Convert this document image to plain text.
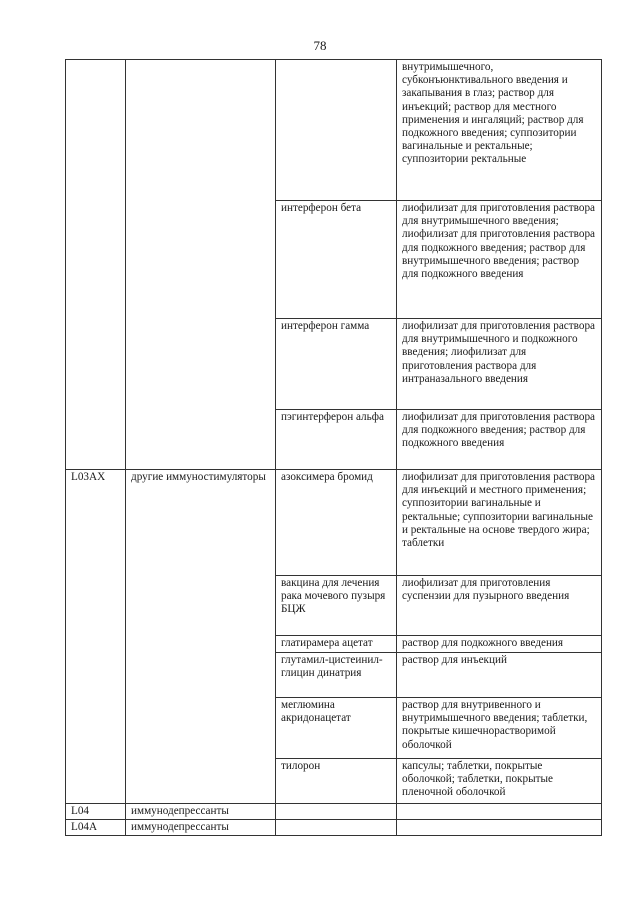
78
			внутримышечного, субконъюнктивального введения и закапывания в глаз; раствор для инъекций; раствор для местного применения и ингаляций; раствор для подкожного введения; суппозитории вагинальные и ректальные; суппозитории ректальные
		интерферон бета	лиофилизат для приготовления раствора для внутримышечного введения; лиофилизат для приготовления раствора для подкожного введения; раствор для внутримышечного введения; раствор для подкожного введения
		интерферон гамма	лиофилизат для приготовления раствора для внутримышечного и подкожного введения; лиофилизат для приготовления раствора для интраназального введения
		пэгинтерферон альфа	лиофилизат для приготовления раствора для подкожного введения; раствор для подкожного введения
L03AX	другие иммуностимуляторы	азоксимера бромид	лиофилизат для приготовления раствора для инъекций и местного применения; суппозитории вагинальные и ректальные; суппозитории вагинальные и ректальные на основе твердого жира; таблетки
		вакцина для лечения рака мочевого пузыря БЦЖ	лиофилизат для приготовления суспензии для пузырного введения
		глатирамера ацетат	раствор для подкожного введения
		глутамил-цистеинил-глицин динатрия	раствор для инъекций
		меглюмина акридонацетат	раствор для внутривенного и внутримышечного введения; таблетки, покрытые кишечнорастворимой оболочкой
		тилорон	капсулы; таблетки, покрытые оболочкой; таблетки, покрытые пленочной оболочкой
L04	иммунодепрессанты		
L04A	иммунодепрессанты		
